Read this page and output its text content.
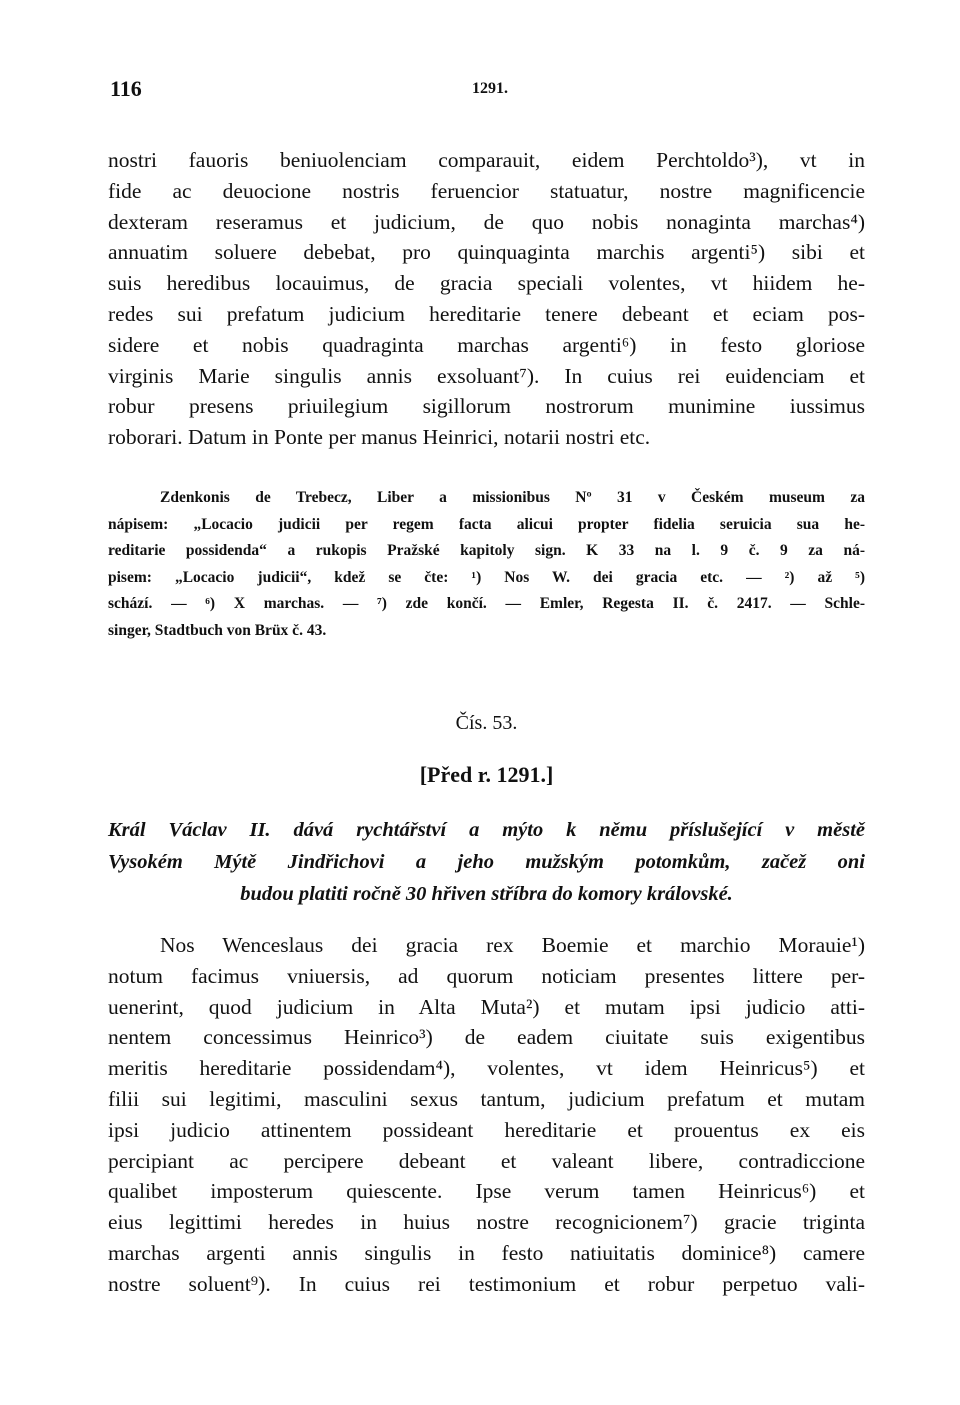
116	1291.
nostri fauoris beniuolenciam comparauit, eidem Perchtoldo³), vt in
fide ac deuocione nostris feruencior statuatur, nostre magnificencie
dexteram reseramus et judicium, de quo nobis nonaginta marchas⁴)
annuatim soluere debebat, pro quinquaginta marchis argenti⁵) sibi et
suis heredibus locauimus, de gracia speciali volentes, vt hiidem he-
redes sui prefatum judicium hereditarie tenere debeant et eciam pos-
sidere et nobis quadraginta marchas argenti⁶) in festo gloriose
virginis Marie singulis annis exsoluant⁷). In cuius rei euidenciam et
robur presens priuilegium sigillorum nostrorum munimine iussimus
roborari. Datum in Ponte per manus Heinrici, notarii nostri etc.
Zdenkonis de Trebecz, Liber a missionibus Nº 31 v Českém museum za
nápisem: „Locacio judicii per regem facta alicui propter fidelia seruicia sua he-
reditarie possidenda“ a rukopis Pražské kapitoly sign. K 33 na l. 9 č. 9 za ná-
pisem: „Locacio judicii“, kdež se čte: ¹) Nos W. dei gracia etc. — ²) až ⁵)
schází. — ⁶) X marchas. — ⁷) zde končí. — Emler, Regesta II. č. 2417. — Schle-
singer, Stadtbuch von Brüx č. 43.
Čís. 53.
[Před r. 1291.]
Král Václav II. dává rychtářství a mýto k němu příslušející v městě
Vysokém Mýtě Jindřichovi a jeho mužským potomkům, začež oni
budou platiti ročně 30 hřiven stříbra do komory královské.
Nos Wenceslaus dei gracia rex Boemie et marchio Morauie¹)
notum facimus vniuersis, ad quorum noticiam presentes littere per-
uenerint, quod judicium in Alta Muta²) et mutam ipsi judicio atti-
nentem concessimus Heinrico³) de eadem ciuitate suis exigentibus
meritis hereditarie possidendam⁴), volentes, vt idem Heinricus⁵) et
filii sui legitimi, masculini sexus tantum, judicium prefatum et mutam
ipsi judicio attinentem possideant hereditarie et prouentus ex eis
percipiant ac percipere debeant et valeant libere, contradiccione
qualibet imposterum quiescente. Ipse verum tamen Heinricus⁶) et
eius legittimi heredes in huius nostre recognicionem⁷) gracie triginta
marchas argenti annis singulis in festo natiuitatis dominice⁸) camere
nostre soluent⁹). In cuius rei testimonium et robur perpetuo vali-
